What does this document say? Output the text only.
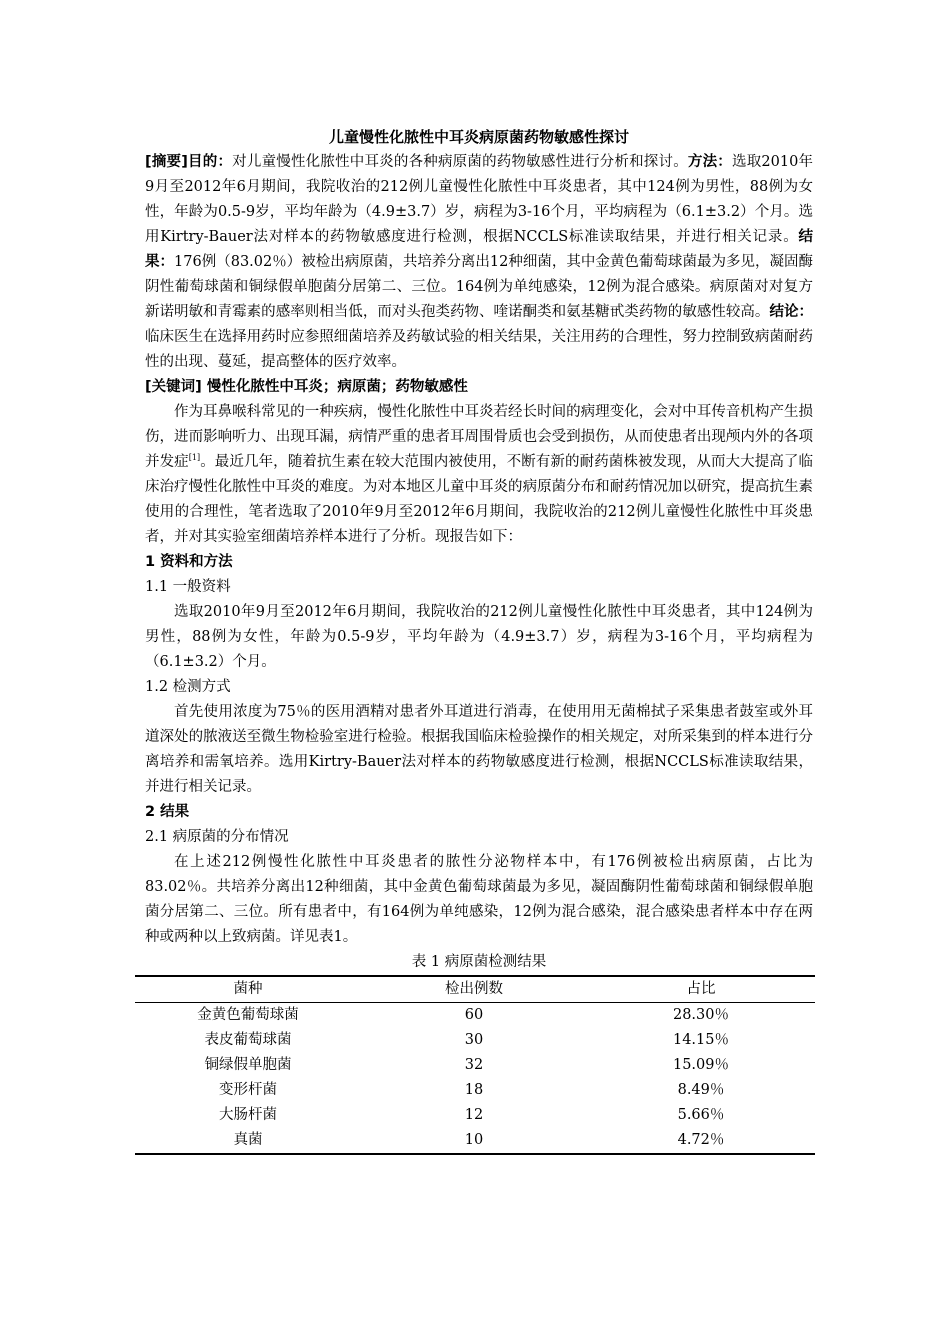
儿童慢性化脓性中耳炎病原菌药物敏感性探讨

[摘要]目的：对儿童慢性化脓性中耳炎的各种病原菌的药物敏感性进行分析和探讨。方法：选取2010年9月至2012年6月期间，我院收治的212例儿童慢性化脓性中耳炎患者，其中124例为男性，88例为女性，年龄为0.5-9岁，平均年龄为（4.9±3.7）岁，病程为3-16个月，平均病程为（6.1±3.2）个月。选用Kirtry-Bauer法对样本的药物敏感度进行检测，根据NCCLS标准读取结果，并进行相关记录。结果：176例（83.02％）被检出病原菌，共培养分离出12种细菌，其中金黄色葡萄球菌最为多见，凝固酶阴性葡萄球菌和铜绿假单胞菌分居第二、三位。164例为单纯感染，12例为混合感染。病原菌对对复方新诺明敏和青霉素的感率则相当低，而对头孢类药物、喹诺酮类和氨基糖甙类药物的敏感性较高。结论：临床医生在选择用药时应参照细菌培养及药敏试验的相关结果，关注用药的合理性，努力控制致病菌耐药性的出现、蔓延，提高整体的医疗效率。

[关键词] 慢性化脓性中耳炎；病原菌；药物敏感性

作为耳鼻喉科常见的一种疾病，慢性化脓性中耳炎若经长时间的病理变化，会对中耳传音机构产生损伤，进而影响听力、出现耳漏，病情严重的患者耳周围骨质也会受到损伤，从而使患者出现颅内外的各项并发症[1]。最近几年，随着抗生素在较大范围内被使用，不断有新的耐药菌株被发现，从而大大提高了临床治疗慢性化脓性中耳炎的难度。为对本地区儿童中耳炎的病原菌分布和耐药情况加以研究，提高抗生素使用的合理性，笔者选取了2010年9月至2012年6月期间，我院收治的212例儿童慢性化脓性中耳炎患者，并对其实验室细菌培养样本进行了分析。现报告如下：

1 资料和方法
1.1 一般资料

选取2010年9月至2012年6月期间，我院收治的212例儿童慢性化脓性中耳炎患者，其中124例为男性，88例为女性，年龄为0.5-9岁，平均年龄为（4.9±3.7）岁，病程为3-16个月，平均病程为（6.1±3.2）个月。

1.2 检测方式

首先使用浓度为75％的医用酒精对患者外耳道进行消毒，在使用用无菌棉拭子采集患者鼓室或外耳道深处的脓液送至微生物检验室进行检验。根据我国临床检验操作的相关规定，对所采集到的样本进行分离培养和需氧培养。选用Kirtry-Bauer法对样本的药物敏感度进行检测，根据NCCLS标准读取结果，并进行相关记录。

2 结果
2.1 病原菌的分布情况

在上述212例慢性化脓性中耳炎患者的脓性分泌物样本中，有176例被检出病原菌，占比为83.02％。共培养分离出12种细菌，其中金黄色葡萄球菌最为多见，凝固酶阴性葡萄球菌和铜绿假单胞菌分居第二、三位。所有患者中，有164例为单纯感染，12例为混合感染，混合感染患者样本中存在两种或两种以上致病菌。详见表1。

表 1 病原菌检测结果
菌种	检出例数	占比
金黄色葡萄球菌	60	28.30％
表皮葡萄球菌	30	14.15％
铜绿假单胞菌	32	15.09％
变形杆菌	18	8.49％
大肠杆菌	12	5.66％
真菌	10	4.72％
